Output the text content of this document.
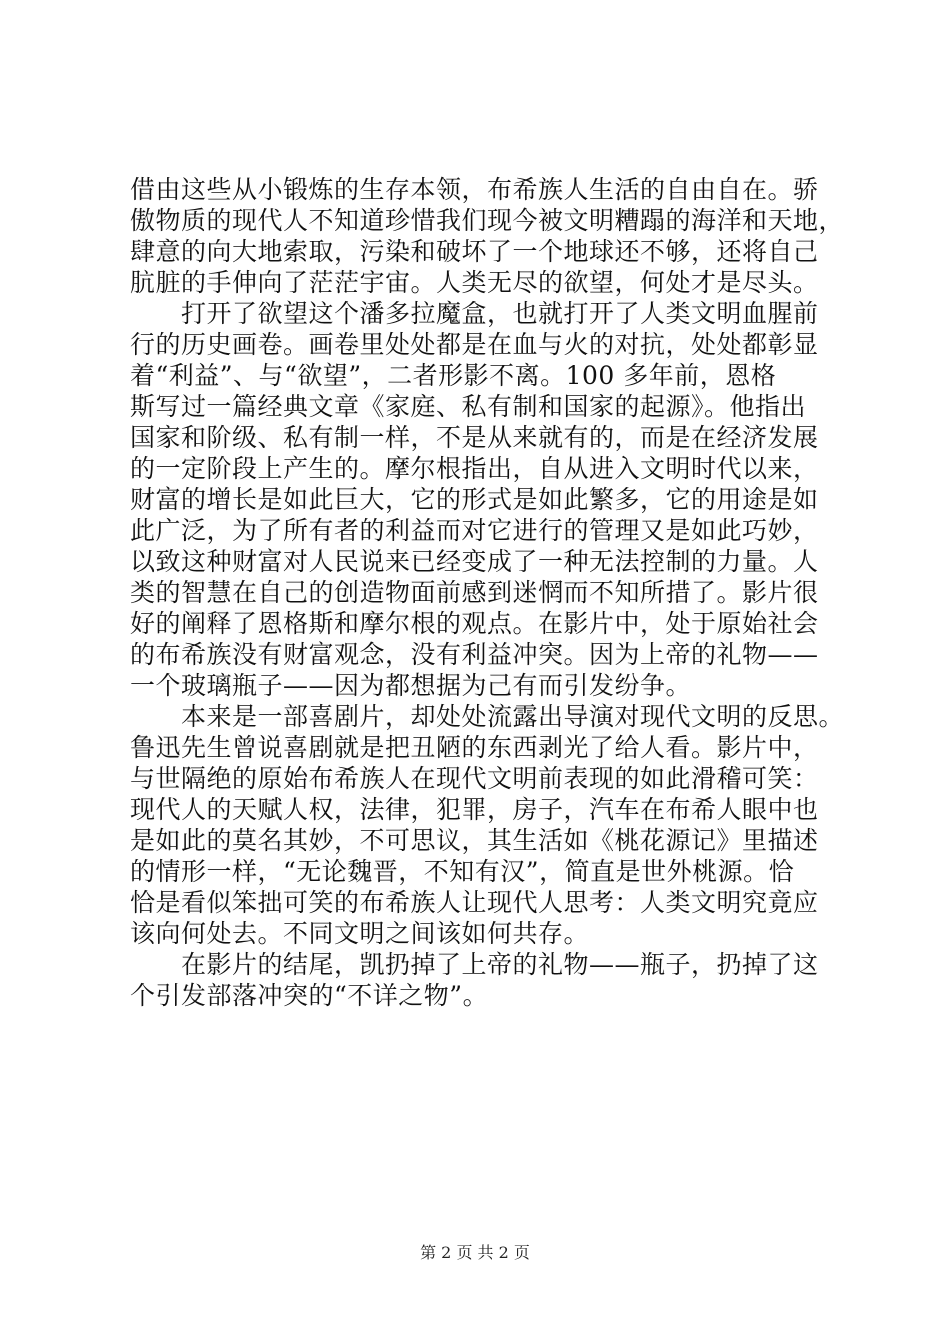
借由这些从小锻炼的生存本领，布希族人生活的自由自在。骄
傲物质的现代人不知道珍惜我们现今被文明糟蹋的海洋和天地，
肆意的向大地索取，污染和破坏了一个地球还不够，还将自己
肮脏的手伸向了茫茫宇宙。人类无尽的欲望，何处才是尽头。
打开了欲望这个潘多拉魔盒，也就打开了人类文明血腥前
行的历史画卷。画卷里处处都是在血与火的对抗，处处都彰显
着“利益”、与“欲望”，二者形影不离。100 多年前，恩格
斯写过一篇经典文章《家庭、私有制和国家的起源》。他指出
国家和阶级、私有制一样，不是从来就有的，而是在经济发展
的一定阶段上产生的。摩尔根指出，自从进入文明时代以来，
财富的增长是如此巨大，它的形式是如此繁多，它的用途是如
此广泛，为了所有者的利益而对它进行的管理又是如此巧妙，
以致这种财富对人民说来已经变成了一种无法控制的力量。人
类的智慧在自己的创造物面前感到迷惘而不知所措了。影片很
好的阐释了恩格斯和摩尔根的观点。在影片中，处于原始社会
的布希族没有财富观念，没有利益冲突。因为上帝的礼物——
一个玻璃瓶子——因为都想据为己有而引发纷争。
本来是一部喜剧片，却处处流露出导演对现代文明的反思。
鲁迅先生曾说喜剧就是把丑陋的东西剥光了给人看。影片中，
与世隔绝的原始布希族人在现代文明前表现的如此滑稽可笑：
现代人的天赋人权，法律，犯罪，房子，汽车在布希人眼中也
是如此的莫名其妙，不可思议，其生活如《桃花源记》里描述
的情形一样，“无论魏晋，不知有汉”，简直是世外桃源。恰
恰是看似笨拙可笑的布希族人让现代人思考：人类文明究竟应
该向何处去。不同文明之间该如何共存。
在影片的结尾，凯扔掉了上帝的礼物——瓶子，扔掉了这
个引发部落冲突的“不详之物”。
第 2 页 共 2 页
